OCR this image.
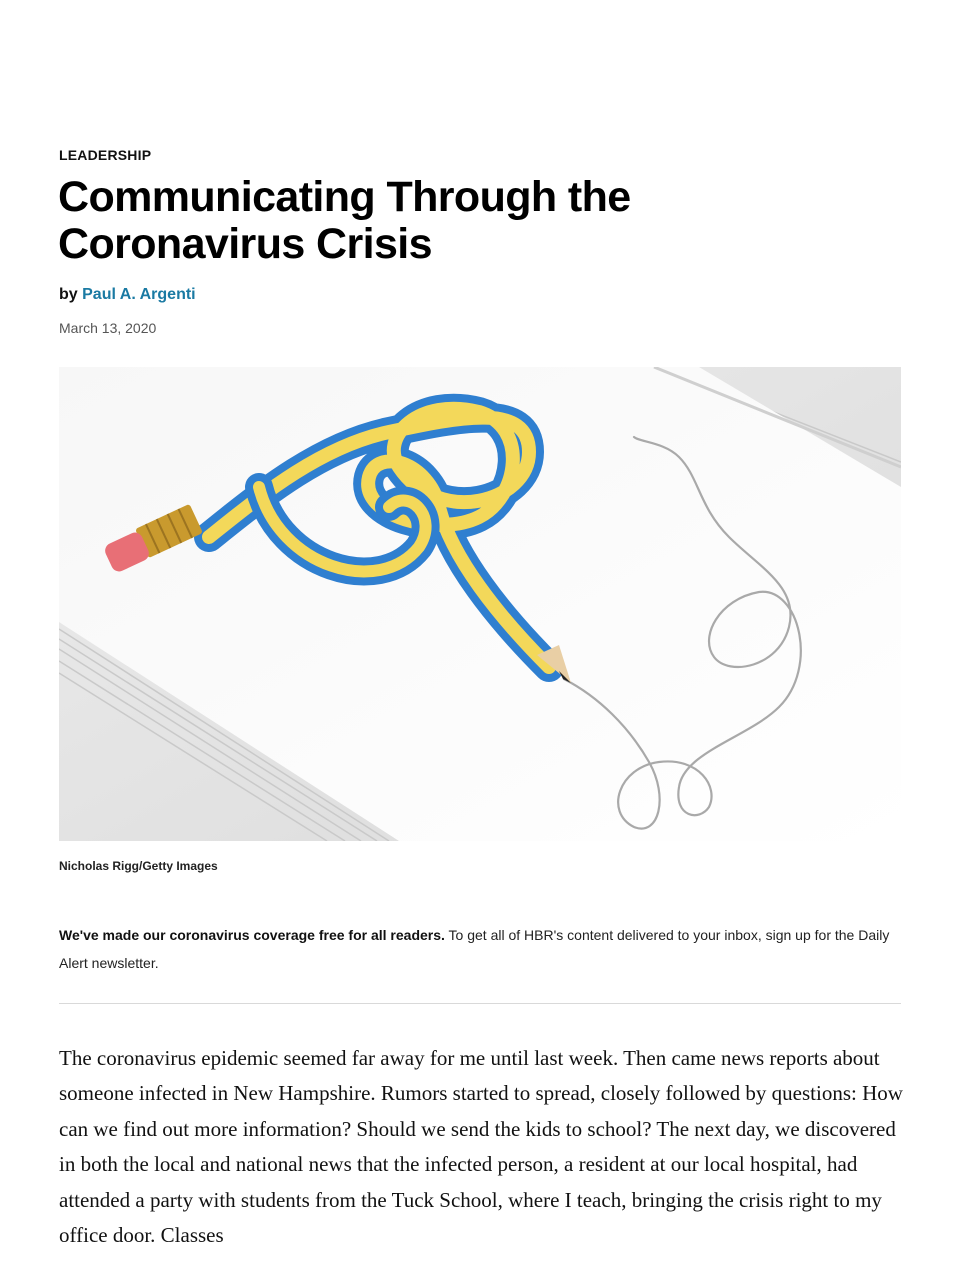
LEADERSHIP
Communicating Through the Coronavirus Crisis
by Paul A. Argenti
March 13, 2020
Nicholas Rigg/Getty Images
We've made our coronavirus coverage free for all readers. To get all of HBR's content delivered to your inbox, sign up for the Daily Alert newsletter.

The coronavirus epidemic seemed far away for me until last week. Then came news reports about someone infected in New Hampshire. Rumors started to spread, closely followed by questions: How can we find out more information? Should we send the kids to school? The next day, we discovered in both the local and national news that the infected person, a resident at our local hospital, had attended a party with students from the Tuck School, where I teach, bringing the crisis right to my office door. Classes
